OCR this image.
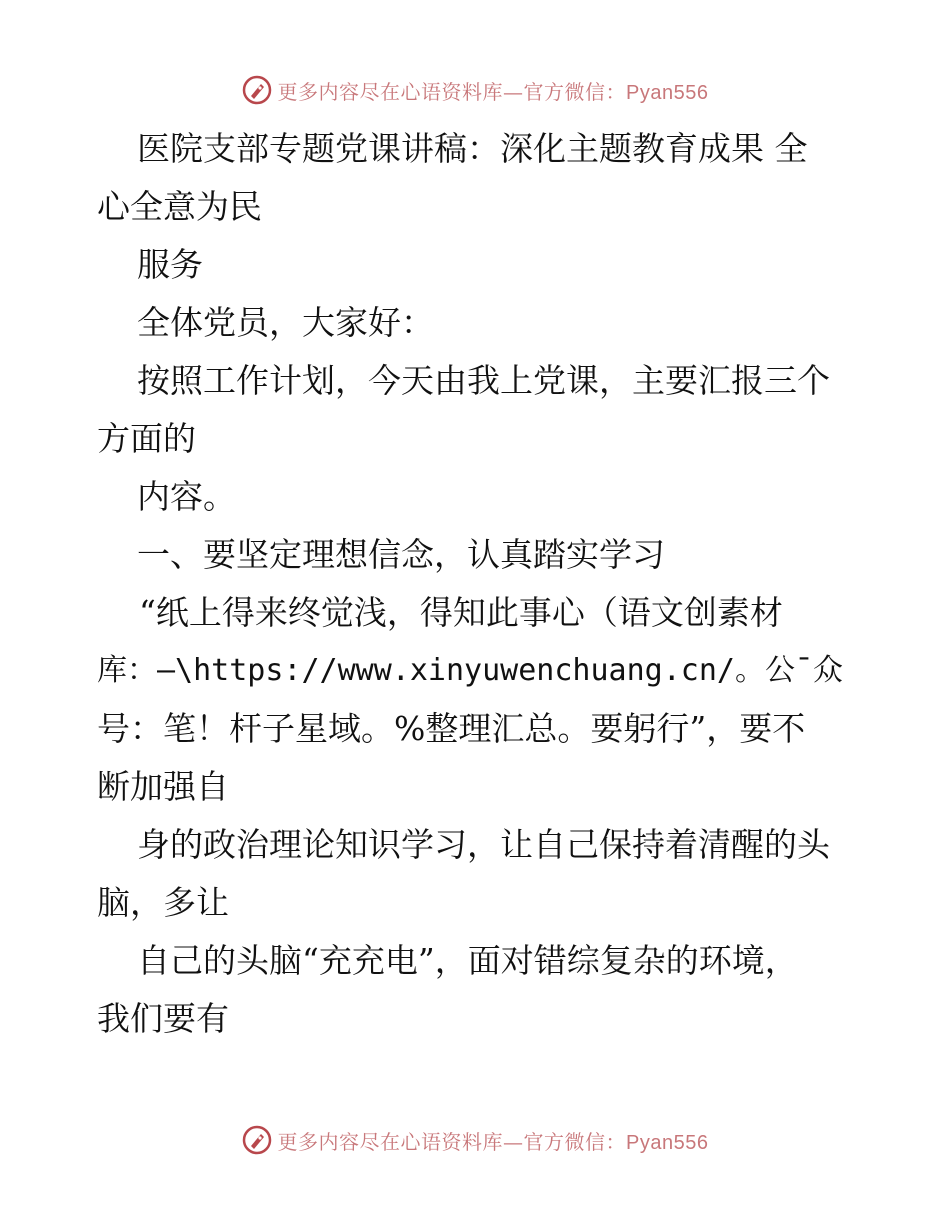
更多内容尽在心语资料库—官方微信：Pyan556
医院支部专题党课讲稿：深化主题教育成果 全
心全意为民
服务
全体党员，大家好：
按照工作计划，今天由我上党课，主要汇报三个
方面的
内容。
一、要坚定理想信念，认真踏实学习
“纸上得来终觉浅，得知此事心（语文创素材
库：—\https://www.xinyuwenchuang.cn/。公¯众
号：笔！杆子星域。%整理汇总。要躬行”，要不
断加强自
身的政治理论知识学习，让自己保持着清醒的头
脑，多让
自己的头脑“充充电”，面对错综复杂的环境，
我们要有
更多内容尽在心语资料库—官方微信：Pyan556
